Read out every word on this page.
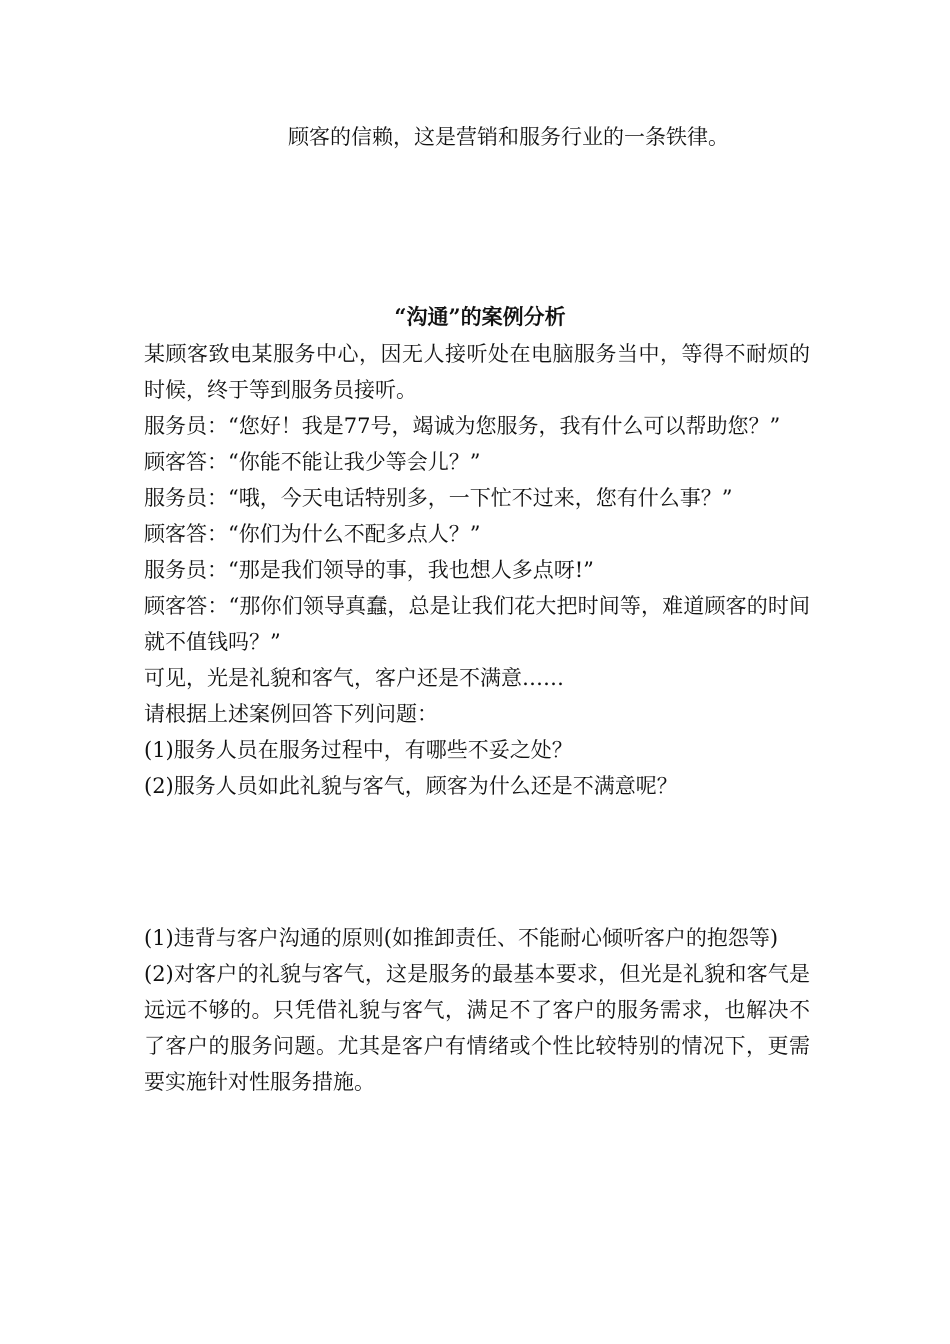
顾客的信赖，这是营销和服务行业的一条铁律。
“沟通”的案例分析

某顾客致电某服务中心，因无人接听处在电脑服务当中，等得不耐烦的时候，终于等到服务员接听。

服务员：“您好！我是77号，竭诚为您服务，我有什么可以帮助您？”

顾客答：“你能不能让我少等会儿？”

服务员：“哦，今天电话特别多，一下忙不过来，您有什么事？”

顾客答：“你们为什么不配多点人？”

服务员：“那是我们领导的事，我也想人多点呀!”

顾客答：“那你们领导真蠢，总是让我们花大把时间等，难道顾客的时间就不值钱吗？”

可见，光是礼貌和客气，客户还是不满意……

请根据上述案例回答下列问题：

(1)服务人员在服务过程中，有哪些不妥之处？

(2)服务人员如此礼貌与客气，顾客为什么还是不满意呢？

(1)违背与客户沟通的原则(如推卸责任、不能耐心倾听客户的抱怨等)

(2)对客户的礼貌与客气，这是服务的最基本要求，但光是礼貌和客气是远远不够的。只凭借礼貌与客气，满足不了客户的服务需求，也解决不了客户的服务问题。尤其是客户有情绪或个性比较特别的情况下，更需要实施针对性服务措施。
